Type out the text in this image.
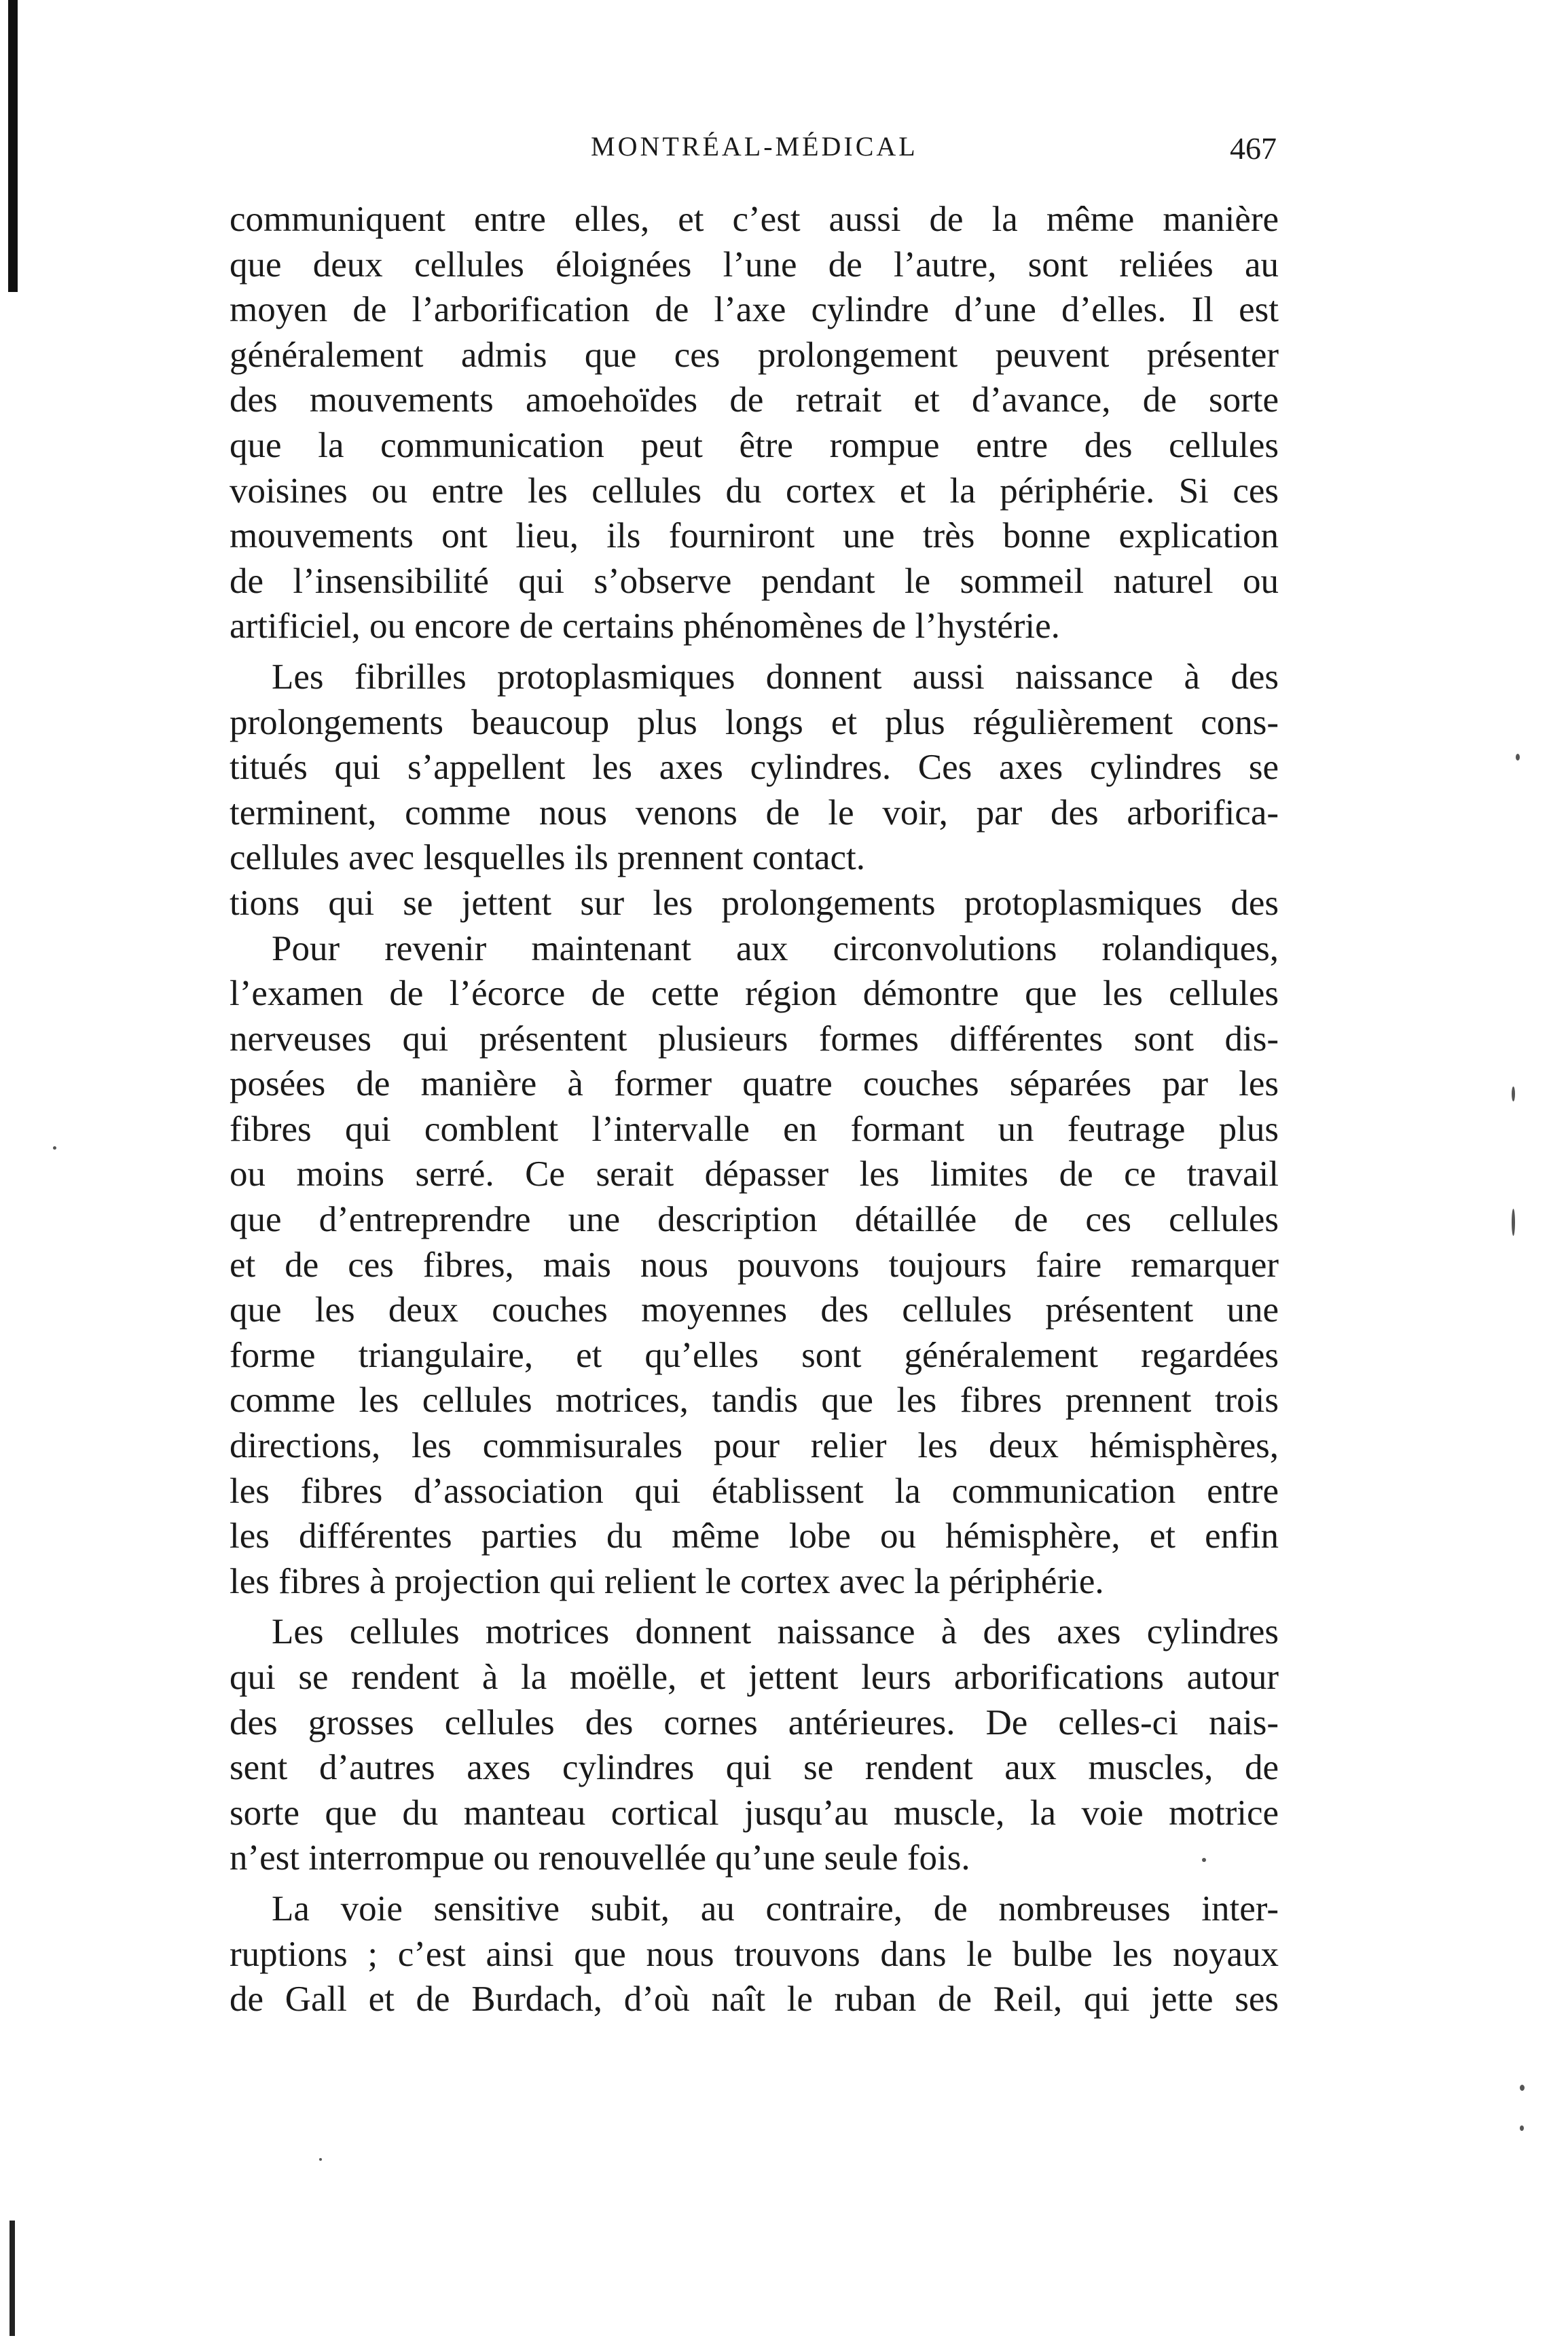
MONTRÉAL-MÉDICAL	467
communiquent entre elles, et c’est aussi de la même manière
que deux cellules éloignées l’une de l’autre, sont reliées au
moyen de l’arborification de l’axe cylindre d’une d’elles. Il est
généralement admis que ces prolongement peuvent présenter
des mouvements amoehoïdes de retrait et d’avance, de sorte
que la communication peut être rompue entre des cellules
voisines ou entre les cellules du cortex et la périphérie. Si ces
mouvements ont lieu, ils fourniront une très bonne explication
de l’insensibilité qui s’observe pendant le sommeil naturel ou
artificiel, ou encore de certains phénomènes de l’hystérie.
Les fibrilles protoplasmiques donnent aussi naissance à des
prolongements beaucoup plus longs et plus régulièrement cons-
titués qui s’appellent les axes cylindres. Ces axes cylindres se
terminent, comme nous venons de le voir, par des arborifica-
cellules avec lesquelles ils prennent contact.
tions qui se jettent sur les prolongements protoplasmiques des
Pour revenir maintenant aux circonvolutions rolandiques,
l’examen de l’écorce de cette région démontre que les cellules
nerveuses qui présentent plusieurs formes différentes sont dis-
posées de manière à former quatre couches séparées par les
fibres qui comblent l’intervalle en formant un feutrage plus
ou moins serré. Ce serait dépasser les limites de ce travail
que d’entreprendre une description détaillée de ces cellules
et de ces fibres, mais nous pouvons toujours faire remarquer
que les deux couches moyennes des cellules présentent une
forme triangulaire, et qu’elles sont généralement regardées
comme les cellules motrices, tandis que les fibres prennent trois
directions, les commisurales pour relier les deux hémisphères,
les fibres d’association qui établissent la communication entre
les différentes parties du même lobe ou hémisphère, et enfin
les fibres à projection qui relient le cortex avec la périphérie.
Les cellules motrices donnent naissance à des axes cylindres
qui se rendent à la moëlle, et jettent leurs arborifications autour
des grosses cellules des cornes antérieures. De celles-ci nais-
sent d’autres axes cylindres qui se rendent aux muscles, de
sorte que du manteau cortical jusqu’au muscle, la voie motrice
n’est interrompue ou renouvellée qu’une seule fois.
La voie sensitive subit, au contraire, de nombreuses inter-
ruptions ; c’est ainsi que nous trouvons dans le bulbe les noyaux
de Gall et de Burdach, d’où naît le ruban de Reil, qui jette ses
